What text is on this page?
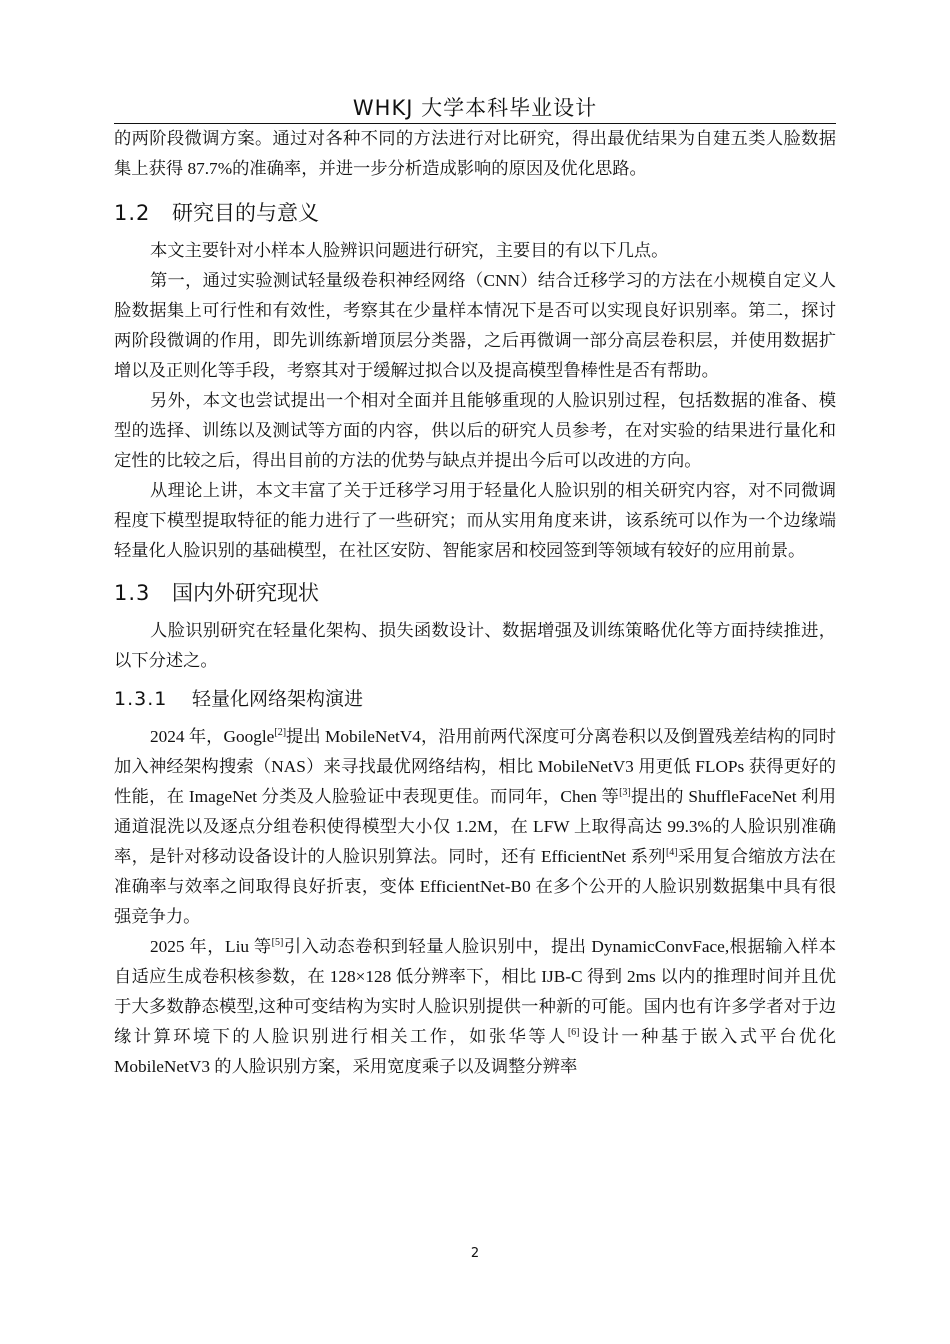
WHKJ 大学本科毕业设计

的两阶段微调方案。通过对各种不同的方法进行对比研究，得出最优结果为自建五类人脸数据集上获得 87.7%的准确率，并进一步分析造成影响的原因及优化思路。

1.2 研究目的与意义

本文主要针对小样本人脸辨识问题进行研究，主要目的有以下几点。

第一，通过实验测试轻量级卷积神经网络（CNN）结合迁移学习的方法在小规模自定义人脸数据集上可行性和有效性，考察其在少量样本情况下是否可以实现良好识别率。第二，探讨两阶段微调的作用，即先训练新增顶层分类器，之后再微调一部分高层卷积层，并使用数据扩增以及正则化等手段，考察其对于缓解过拟合以及提高模型鲁棒性是否有帮助。

另外，本文也尝试提出一个相对全面并且能够重现的人脸识别过程，包括数据的准备、模型的选择、训练以及测试等方面的内容，供以后的研究人员参考，在对实验的结果进行量化和定性的比较之后，得出目前的方法的优势与缺点并提出今后可以改进的方向。

从理论上讲，本文丰富了关于迁移学习用于轻量化人脸识别的相关研究内容，对不同微调程度下模型提取特征的能力进行了一些研究；而从实用角度来讲，该系统可以作为一个边缘端轻量化人脸识别的基础模型，在社区安防、智能家居和校园签到等领域有较好的应用前景。

1.3 国内外研究现状

人脸识别研究在轻量化架构、损失函数设计、数据增强及训练策略优化等方面持续推进，以下分述之。

1.3.1 轻量化网络架构演进

2024 年，Google[2]提出 MobileNetV4，沿用前两代深度可分离卷积以及倒置残差结构的同时加入神经架构搜索（NAS）来寻找最优网络结构，相比 MobileNetV3 用更低 FLOPs 获得更好的性能，在 ImageNet 分类及人脸验证中表现更佳。而同年，Chen 等[3]提出的 ShuffleFaceNet 利用通道混洗以及逐点分组卷积使得模型大小仅 1.2M，在 LFW 上取得高达 99.3%的人脸识别准确率，是针对移动设备设计的人脸识别算法。同时，还有 EfficientNet 系列[4]采用复合缩放方法在准确率与效率之间取得良好折衷，变体 EfficientNet-B0 在多个公开的人脸识别数据集中具有很强竞争力。

2025 年，Liu 等[5]引入动态卷积到轻量人脸识别中，提出 DynamicConvFace,根据输入样本自适应生成卷积核参数，在 128×128 低分辨率下，相比 IJB-C 得到 2ms 以内的推理时间并且优于大多数静态模型,这种可变结构为实时人脸识别提供一种新的可能。国内也有许多学者对于边缘计算环境下的人脸识别进行相关工作，如张华等人[6]设计一种基于嵌入式平台优化 MobileNetV3 的人脸识别方案，采用宽度乘子以及调整分辨率

2
